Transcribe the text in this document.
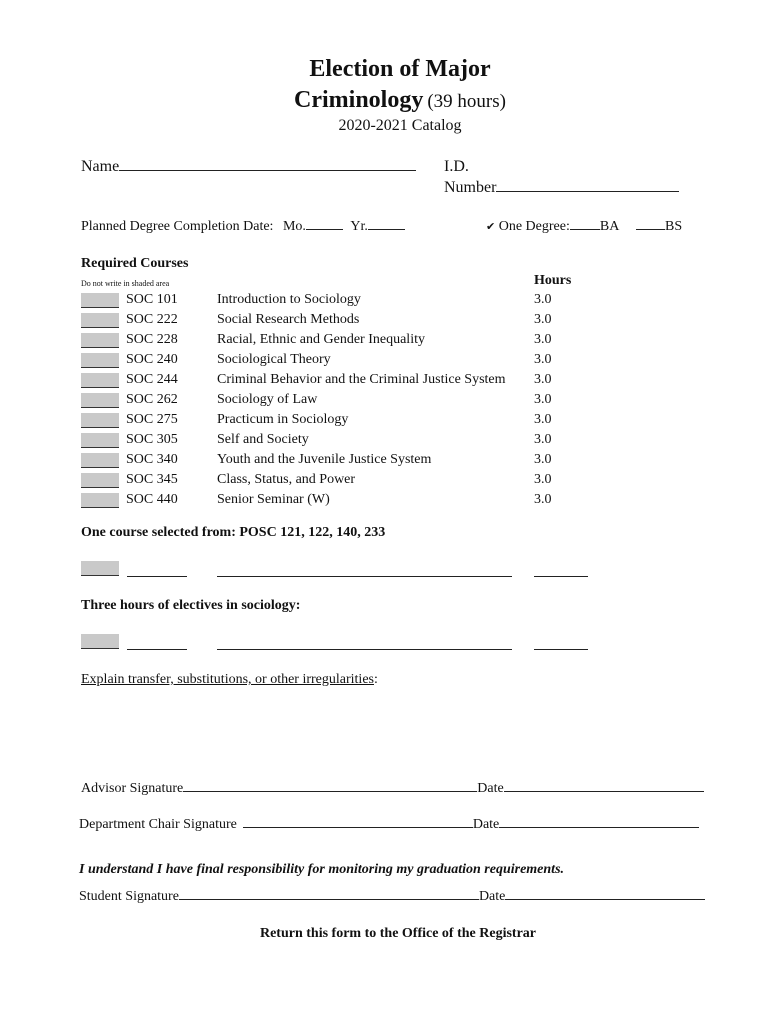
Election of Major
Criminology (39 hours)
2020-2021 Catalog
Name	I.D.
Number
Planned Degree Completion Date: Mo.	Yr.	✔ One Degree: BA	BS
Required Courses
Do not write in shaded area	Hours
SOC 101	Introduction to Sociology	3.0
SOC 222	Social Research Methods	3.0
SOC 228	Racial, Ethnic and Gender Inequality	3.0
SOC 240	Sociological Theory	3.0
SOC 244	Criminal Behavior and the Criminal Justice System 3.0
SOC 262	Sociology of Law	3.0
SOC 275	Practicum in Sociology	3.0
SOC 305	Self and Society	3.0
SOC 340	Youth and the Juvenile Justice System	3.0
SOC 345	Class, Status, and Power	3.0
SOC 440	Senior Seminar (W)	3.0
One course selected from: POSC 121, 122, 140, 233
Three hours of electives in sociology:
Explain transfer, substitutions, or other irregularities:
Advisor Signature	Date
Department Chair Signature	Date
I understand I have final responsibility for monitoring my graduation requirements.
Student Signature	Date
Return this form to the Office of the Registrar
